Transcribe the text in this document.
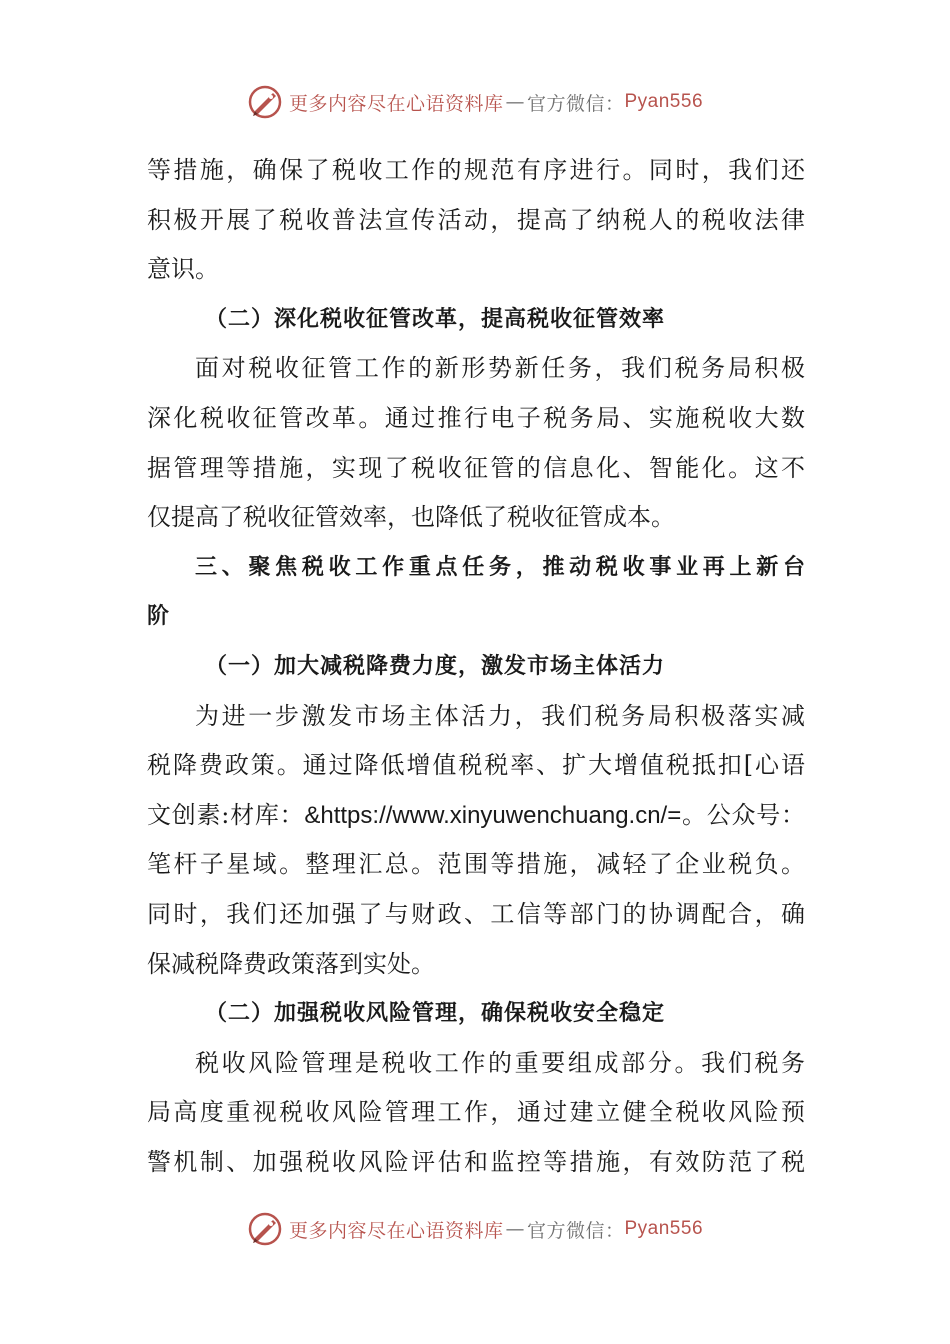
更多内容尽在心语资料库 — 官方微信： Pyan556
等措施，确保了税收工作的规范有序进行。同时，我们还
积极开展了税收普法宣传活动，提高了纳税人的税收法律
意识。
（二）深化税收征管改革，提高税收征管效率
面对税收征管工作的新形势新任务，我们税务局积极
深化税收征管改革。通过推行电子税务局、实施税收大数
据管理等措施，实现了税收征管的信息化、智能化。这不
仅提高了税收征管效率，也降低了税收征管成本。
三、聚焦税收工作重点任务，推动税收事业再上新台
阶
（一）加大减税降费力度，激发市场主体活力
为进一步激发市场主体活力，我们税务局积极落实减
税降费政策。通过降低增值税税率、扩大增值税抵扣[心语
文创素:材库：&https://www.xinyuwenchuang.cn/=。公众号：
笔杆子星域。整理汇总。范围等措施，减轻了企业税负。
同时，我们还加强了与财政、工信等部门的协调配合，确
保减税降费政策落到实处。
（二）加强税收风险管理，确保税收安全稳定
税收风险管理是税收工作的重要组成部分。我们税务
局高度重视税收风险管理工作，通过建立健全税收风险预
警机制、加强税收风险评估和监控等措施，有效防范了税
更多内容尽在心语资料库 — 官方微信： Pyan556
